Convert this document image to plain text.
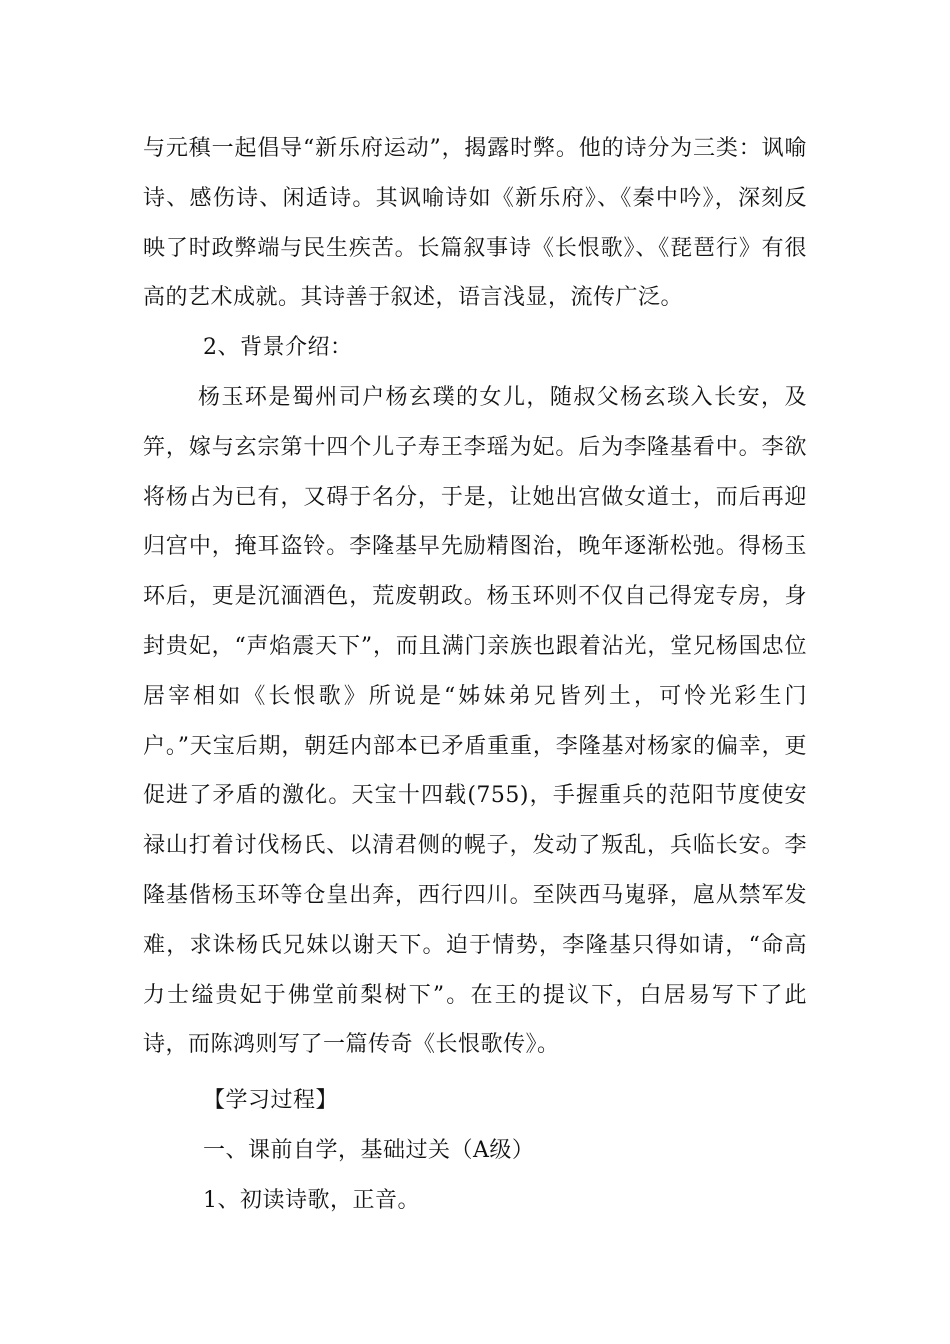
与元稹一起倡导“新乐府运动”，揭露时弊。他的诗分为三类：讽喻诗、感伤诗、闲适诗。其讽喻诗如《新乐府》、《秦中吟》，深刻反映了时政弊端与民生疾苦。长篇叙事诗《长恨歌》、《琵琶行》有很高的艺术成就。其诗善于叙述，语言浅显，流传广泛。

2、背景介绍：

杨玉环是蜀州司户杨玄璞的女儿，随叔父杨玄琰入长安，及笄，嫁与玄宗第十四个儿子寿王李瑶为妃。后为李隆基看中。李欲将杨占为已有，又碍于名分，于是，让她出宫做女道士，而后再迎归宫中，掩耳盗铃。李隆基早先励精图治，晚年逐渐松弛。得杨玉环后，更是沉湎酒色，荒废朝政。杨玉环则不仅自己得宠专房，身封贵妃，“声焰震天下”，而且满门亲族也跟着沾光，堂兄杨国忠位居宰相如《长恨歌》所说是“姊妹弟兄皆列土，可怜光彩生门户。”天宝后期，朝廷内部本已矛盾重重，李隆基对杨家的偏幸，更促进了矛盾的激化。天宝十四载(755)，手握重兵的范阳节度使安禄山打着讨伐杨氏、以清君侧的幌子，发动了叛乱，兵临长安。李隆基偕杨玉环等仓皇出奔，西行四川。至陕西马嵬驿，扈从禁军发难，求诛杨氏兄妹以谢天下。迫于情势，李隆基只得如请，“命高力士缢贵妃于佛堂前梨树下”。在王的提议下，白居易写下了此诗，而陈鸿则写了一篇传奇《长恨歌传》。

【学习过程】

一、课前自学，基础过关（A级）

1、初读诗歌，正音。
